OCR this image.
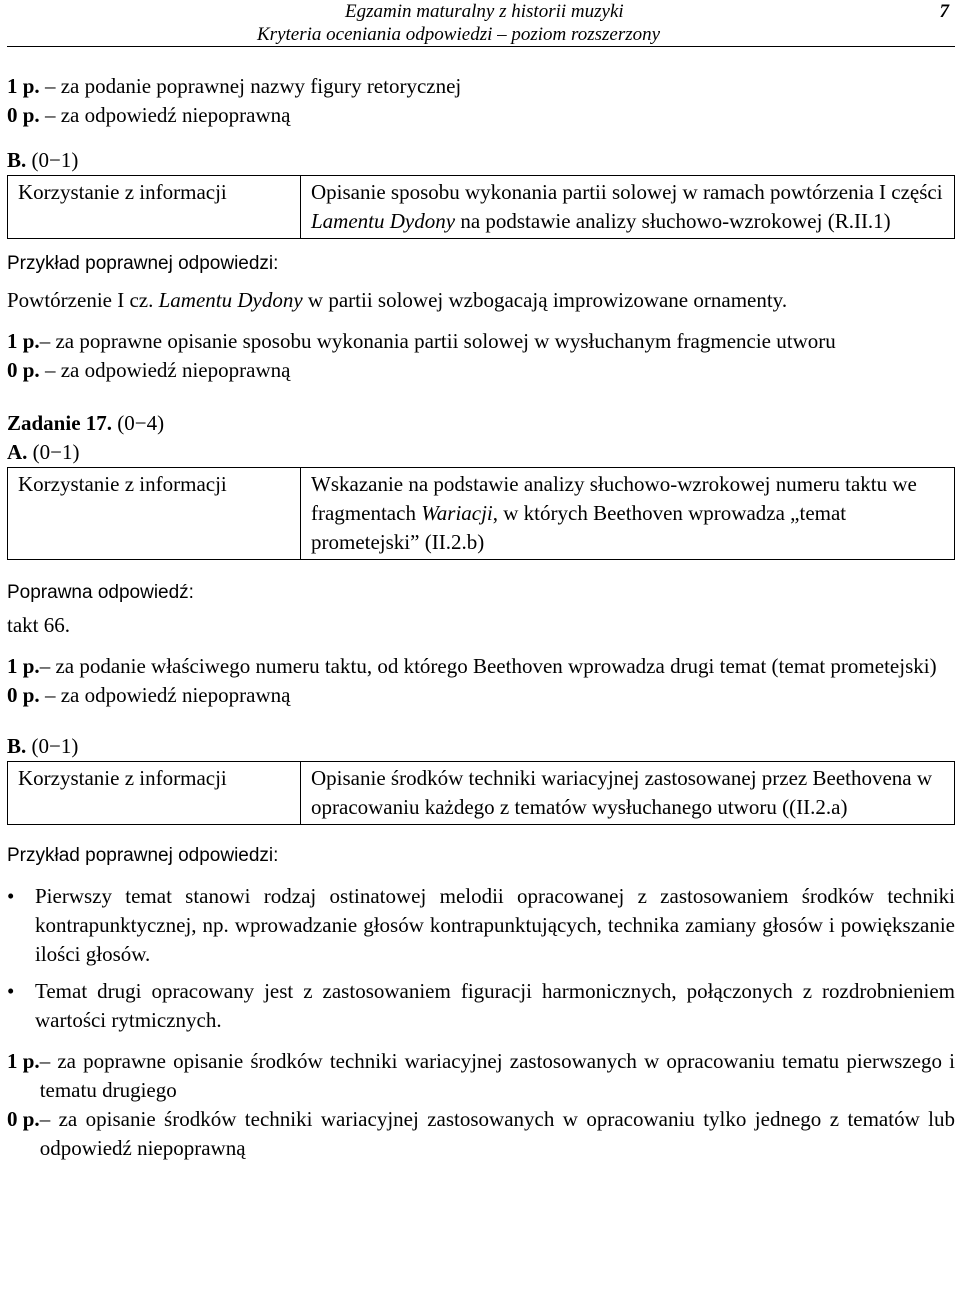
Egzamin maturalny z historii muzyki
Kryteria oceniania odpowiedzi – poziom rozszerzony
7
1 p. – za podanie poprawnej nazwy figury retorycznej
0 p. – za odpowiedź niepoprawną
B. (0−1)
Korzystanie z informacji	Opisanie sposobu wykonania partii solowej w ramach powtórzenia I części Lamentu Dydony na podstawie analizy słuchowo-wzrokowej (R.II.1)
Przykład poprawnej odpowiedzi:
Powtórzenie I cz. Lamentu Dydony w partii solowej wzbogacają improwizowane ornamenty.
1 p. – za poprawne opisanie sposobu wykonania partii solowej w wysłuchanym fragmencie utworu
0 p. – za odpowiedź niepoprawną
Zadanie 17. (0−4)
A. (0−1)
Korzystanie z informacji	Wskazanie na podstawie analizy słuchowo-wzrokowej numeru taktu we fragmentach Wariacji, w których Beethoven wprowadza „temat prometejski” (II.2.b)
Poprawna odpowiedź:
takt 66.
1 p. – za podanie właściwego numeru taktu, od którego Beethoven wprowadza drugi temat (temat prometejski)
0 p. – za odpowiedź niepoprawną
B. (0−1)
Korzystanie z informacji	Opisanie środków techniki wariacyjnej zastosowanej przez Beethovena w opracowaniu każdego z tematów wysłuchanego utworu ((II.2.a)
Przykład poprawnej odpowiedzi:
• Pierwszy temat stanowi rodzaj ostinatowej melodii opracowanej z zastosowaniem środków techniki kontrapunktycznej, np. wprowadzanie głosów kontrapunktujących, technika zamiany głosów i powiększanie ilości głosów.
• Temat drugi opracowany jest z zastosowaniem figuracji harmonicznych, połączonych z rozdrobnieniem wartości rytmicznych.
1 p. – za poprawne opisanie środków techniki wariacyjnej zastosowanych w opracowaniu tematu pierwszego i tematu drugiego
0 p. – za opisanie środków techniki wariacyjnej zastosowanych w opracowaniu tylko jednego z tematów lub odpowiedź niepoprawną
